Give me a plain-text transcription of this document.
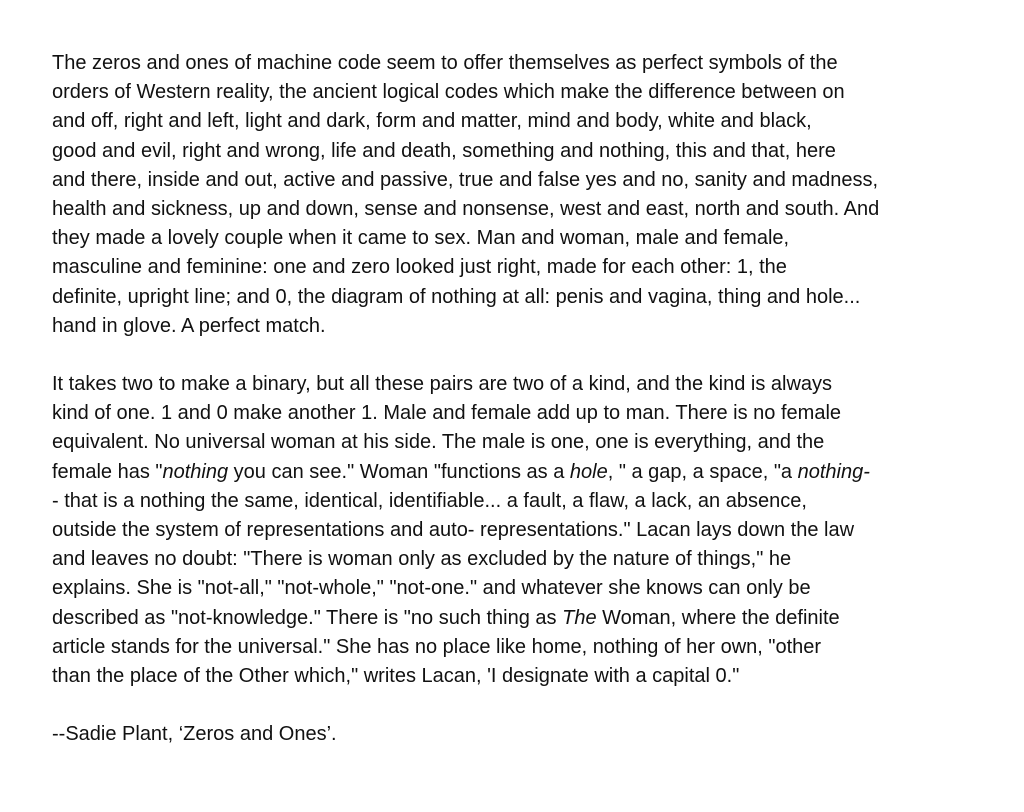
The zeros and ones of machine code seem to offer themselves as perfect symbols of the
orders of Western reality, the ancient logical codes which make the difference between on
and off, right and left, light and dark, form and matter, mind and body, white and black,
good and evil, right and wrong, life and death, something and nothing, this and that, here
and there, inside and out, active and passive, true and false yes and no, sanity and madness,
health and sickness, up and down, sense and nonsense, west and east, north and south. And
they made a lovely couple when it came to sex. Man and woman, male and female,
masculine and feminine: one and zero looked just right, made for each other: 1, the
definite, upright line; and 0, the diagram of nothing at all: penis and vagina, thing and hole...
hand in glove. A perfect match.
It takes two to make a binary, but all these pairs are two of a kind, and the kind is always
kind of one. 1 and 0 make another 1. Male and female add up to man. There is no female
equivalent. No universal woman at his side. The male is one, one is everything, and the
female has "nothing you can see." Woman "functions as a hole, " a gap, a space, "a nothing-
- that is a nothing the same, identical, identifiable... a fault, a flaw, a lack, an absence,
outside the system of representations and auto- representations." Lacan lays down the law
and leaves no doubt: "There is woman only as excluded by the nature of things," he
explains. She is "not-all," "not-whole," "not-one." and whatever she knows can only be
described as "not-knowledge." There is "no such thing as The Woman, where the definite
article stands for the universal." She has no place like home, nothing of her own, "other
than the place of the Other which," writes Lacan, 'I designate with a capital 0."

--Sadie Plant, ‘Zeros and Ones’.
